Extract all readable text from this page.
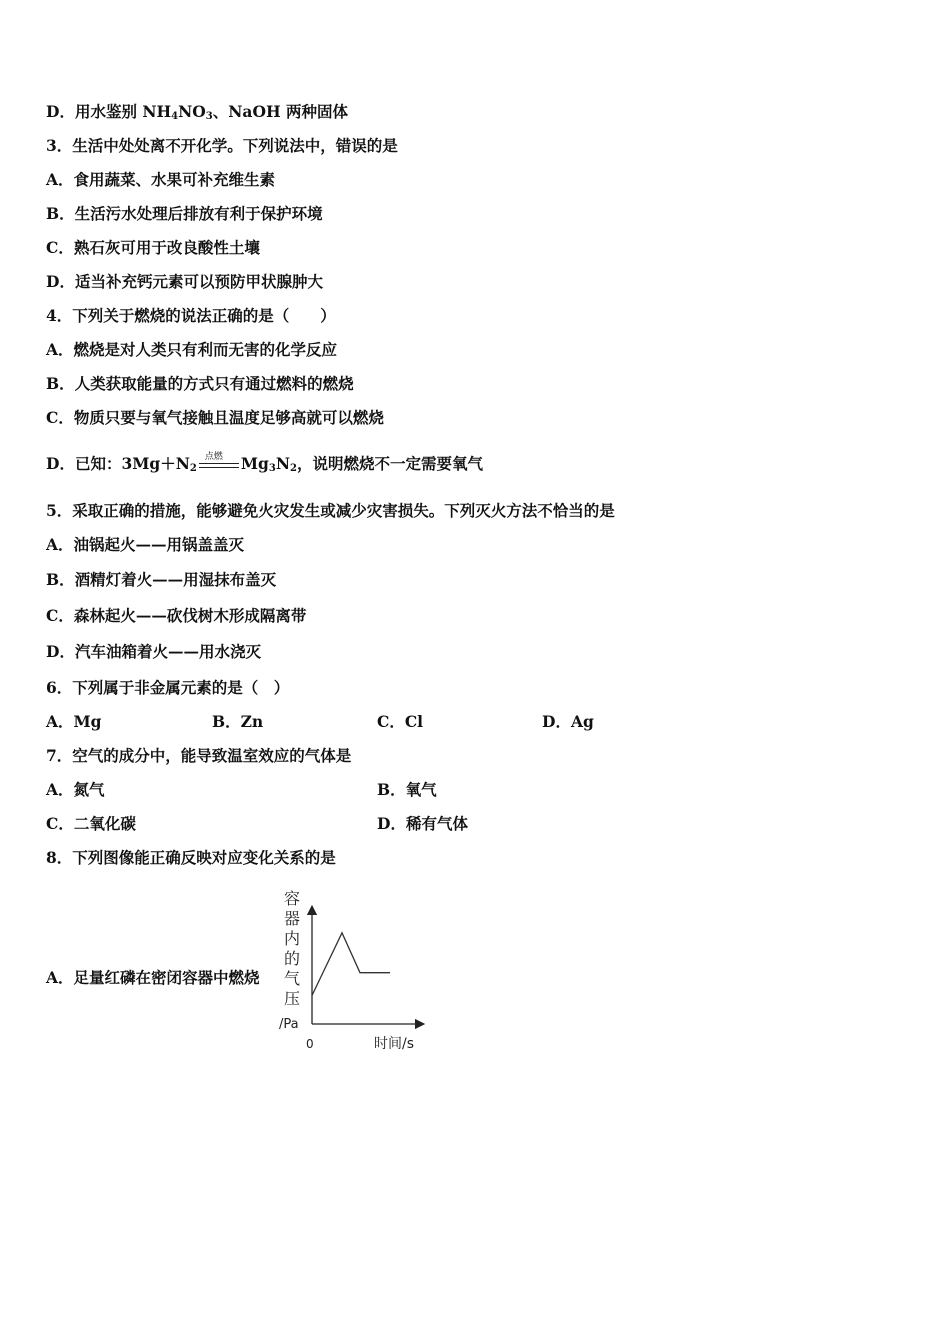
D．用水鉴别 $NH_4NO_3$、NaOH 两种固体
3．生活中处处离不开化学。下列说法中，错误的是
A．食用蔬菜、水果可补充维生素
B．生活污水处理后排放有利于保护环境
C．熟石灰可用于改良酸性土壤
D．适当补充钙元素可以预防甲状腺肿大
4．下列关于燃烧的说法正确的是（　　）
A．燃烧是对人类只有利而无害的化学反应
B．人类获取能量的方式只有通过燃料的燃烧
C．物质只要与氧气接触且温度足够高就可以燃烧
D．已知：$3Mg+N_2$
点燃 $Mg_3N_2$，说明燃烧不一定需要氧气
5．采取正确的措施，能够避免火灾发生或减少灾害损失。下列灭火方法不恰当的是
A．油锅起火——用锅盖盖灭
B．酒精灯着火——用湿抹布盖灭
C．森林起火——砍伐树木形成隔离带
D．汽车油箱着火——用水浇灭
6．下列属于非金属元素的是（　）
A．Mg	B．Zn	C．Cl	D．Ag
7．空气的成分中，能导致温室效应的气体是
A．氮气	B．氧气
C．二氧化碳	D．稀有气体
8．下列图像能正确反映对应变化关系的是
A．足量红磷在密闭容器中燃烧
容
器
内
的
气
压
/Pa
0	时间/s
